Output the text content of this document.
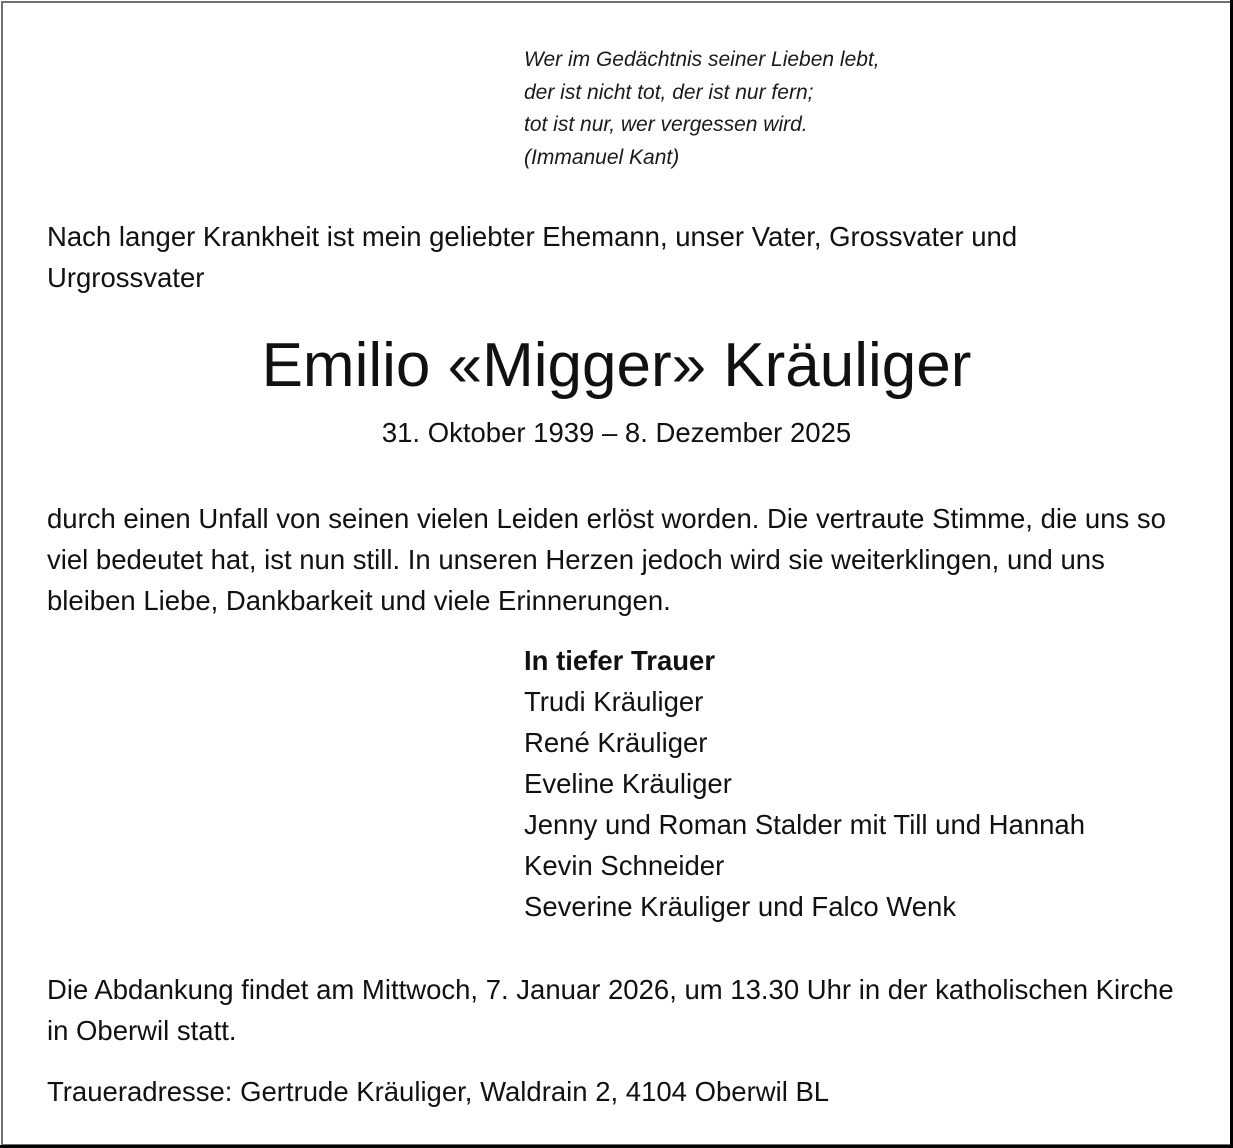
Wer im Gedächtnis seiner Lieben lebt,
der ist nicht tot, der ist nur fern;
tot ist nur, wer vergessen wird.
(Immanuel Kant)
Nach langer Krankheit ist mein geliebter Ehemann, unser Vater, Grossvater und Urgrossvater
Emilio «Migger» Kräuliger
31. Oktober 1939 – 8. Dezember 2025
durch einen Unfall von seinen vielen Leiden erlöst worden. Die vertraute Stimme, die uns so viel bedeutet hat, ist nun still. In unseren Herzen jedoch wird sie weiterklingen, und uns bleiben Liebe, Dankbarkeit und viele Erinnerungen.
In tiefer Trauer
Trudi Kräuliger
René Kräuliger
Eveline Kräuliger
Jenny und Roman Stalder mit Till und Hannah
Kevin Schneider
Severine Kräuliger und Falco Wenk
Die Abdankung findet am Mittwoch, 7. Januar 2026, um 13.30 Uhr in der katholischen Kirche in Oberwil statt.
Traueradresse: Gertrude Kräuliger, Waldrain 2, 4104 Oberwil BL
